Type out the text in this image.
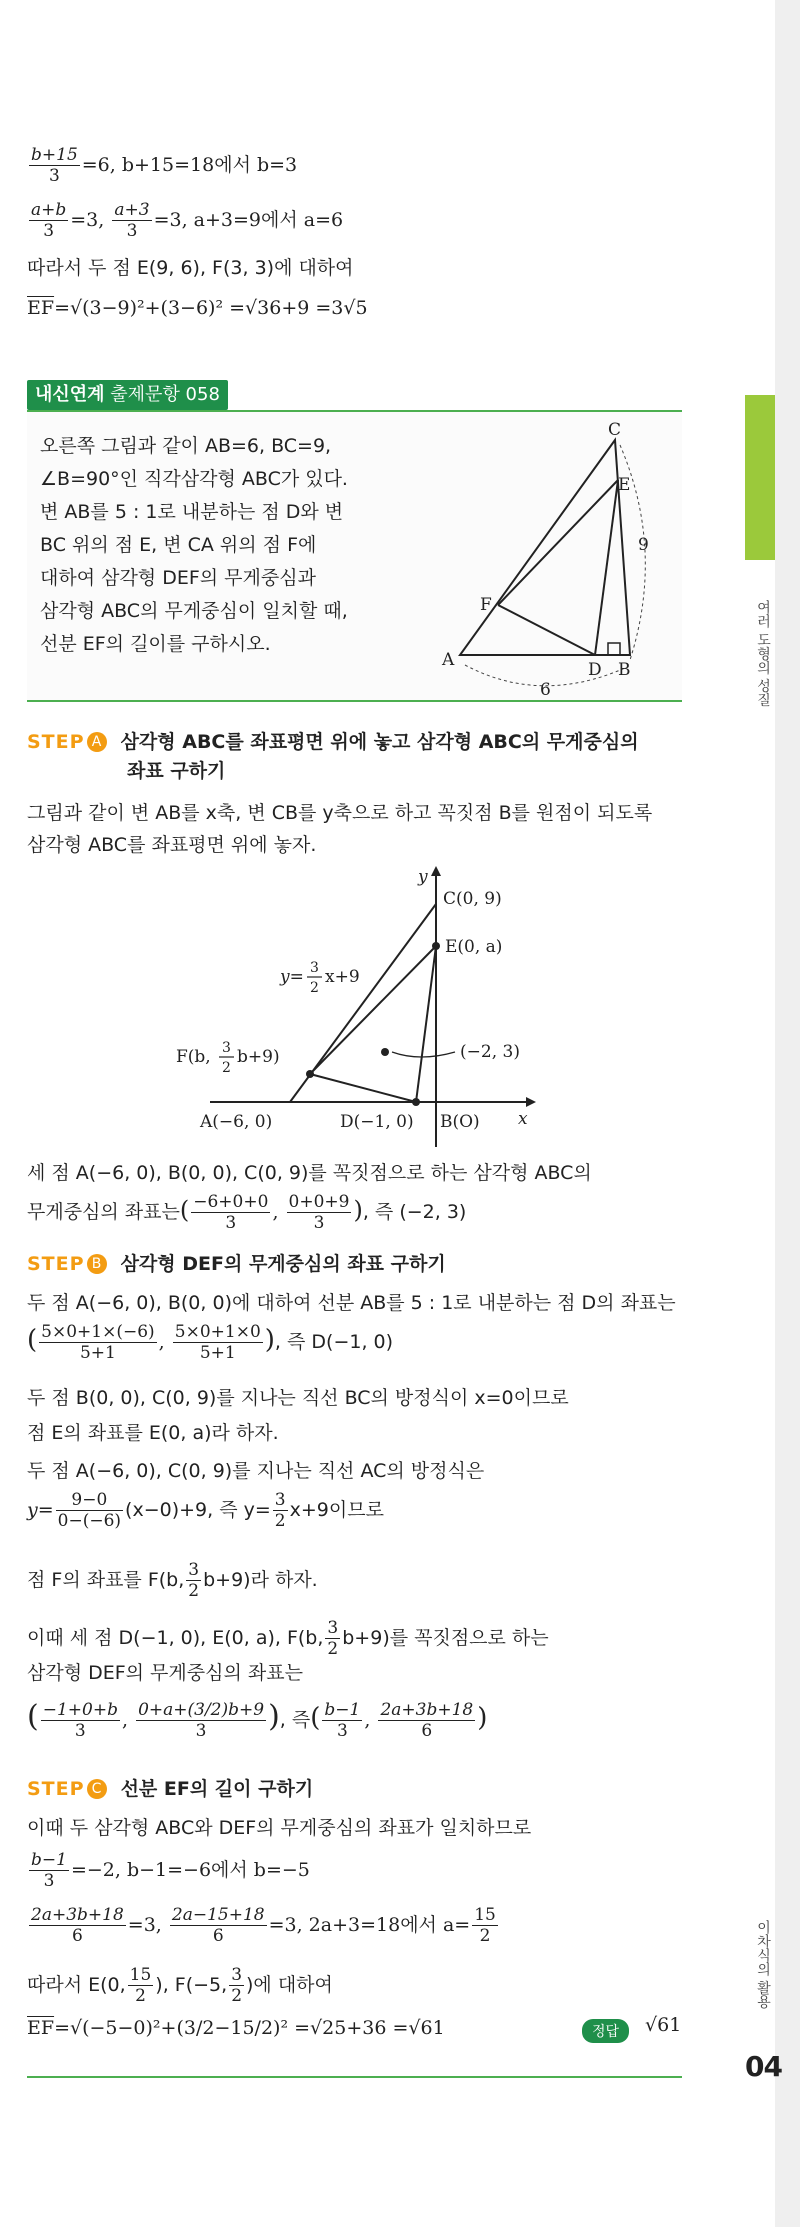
여러 도형의 성질
이차식의 활용
04
$\frac{b+15}{3} =6$, b+15=18에서 b=3
$\frac{a+b}{3} =3$, $\frac{a+3}{3} =3$, a+3=9에서 a=6
따라서 두 점 E(9, 6), F(3, 3)에 대하여
$\overline{EF}=√(3-9)^2+(3-6)^2 =√36+9 =3√5$
내신연계 출제문항 058
오른쪽 그림과 같이 AB=6, BC=9,
∠B=90°인 직각삼각형 ABC가 있다.
변 AB를 5 : 1로 내분하는 점 D와 변
BC 위의 점 E, 변 CA 위의 점 F에
대하여 삼각형 DEF의 무게중심과
삼각형 ABC의 무게중심이 일치할 때,
선분 EF의 길이를 구하시오.
C
E
F
A	D B
9
6
STEP A 삼각형 ABC를 좌표평면 위에 놓고 삼각형 ABC의 무게중심의
좌표 구하기
그림과 같이 변 AB를 x축, 변 CB를 y축으로 하고 꼭짓점 B를 원점이 되도록
삼각형 ABC를 좌표평면 위에 놓자.
y
x
C(0, 9)
E(0, a)
y= 3
2
x+9
F(b, 3
2
b+9)	(−2, 3)
A(−6, 0)	D(−1, 0) B(O)
세 점 A(−6, 0), B(0, 0), C(0, 9)를 꼭짓점으로 하는 삼각형 ABC의
무게중심의 좌표는( $\frac{-6+0+0}{3}$ , $\frac{0+0+9}{3}$ ), 즉 (−2, 3)
STEP B 삼각형 DEF의 무게중심의 좌표 구하기
두 점 A(−6, 0), B(0, 0)에 대하여 선분 AB를 5 : 1로 내분하는 점 D의 좌표는
( $\frac{5\times 0+1\times(-6)}{5+1}$ , $\frac{5\times 0+1\times 0}{5+1}$ ), 즉 D(−1, 0)
두 점 B(0, 0), C(0, 9)를 지나는 직선 BC의 방정식이 x=0이므로
점 E의 좌표를 E(0, a)라 하자.
두 점 A(−6, 0), C(0, 9)를 지나는 직선 AC의 방정식은
$y= \frac{9-0}{0-(-6)} (x-0)+9$, 즉 $y= \frac{3}{2} x+9$이므로
점 F의 좌표를 F(b, $\frac{3}{2} b+9$)라 하자.
이때 세 점 D(−1, 0), E(0, a), F(b, $\frac{3}{2} b+9$)를 꼭짓점으로 하는
삼각형 DEF의 무게중심의 좌표는
( $\frac{-1+0+b}{3}$ , $\frac{0+a+(3/2)b+9}{3}$ ), 즉( $\frac{b-1}{3}$ , $\frac{2a+3b+18}{6}$ )
STEP C 선분 EF의 길이 구하기
이때 두 삼각형 ABC와 DEF의 무게중심의 좌표가 일치하므로
$\frac{b-1}{3} =-2$, b−1=−6에서 b=−5
$\frac{2a+3b+18}{6} =3$, $\frac{2a-15+18}{6} =3$, 2a+3=18에서 $a= \frac{15}{2}$
따라서 E(0, $\frac{15}{2}$ ), F(−5, $\frac{3}{2}$ )에 대하여
$\overline{EF}=√(-5-0)^2+(3/2-15/2)^2 =√25+36 =√61$	정답	√61
